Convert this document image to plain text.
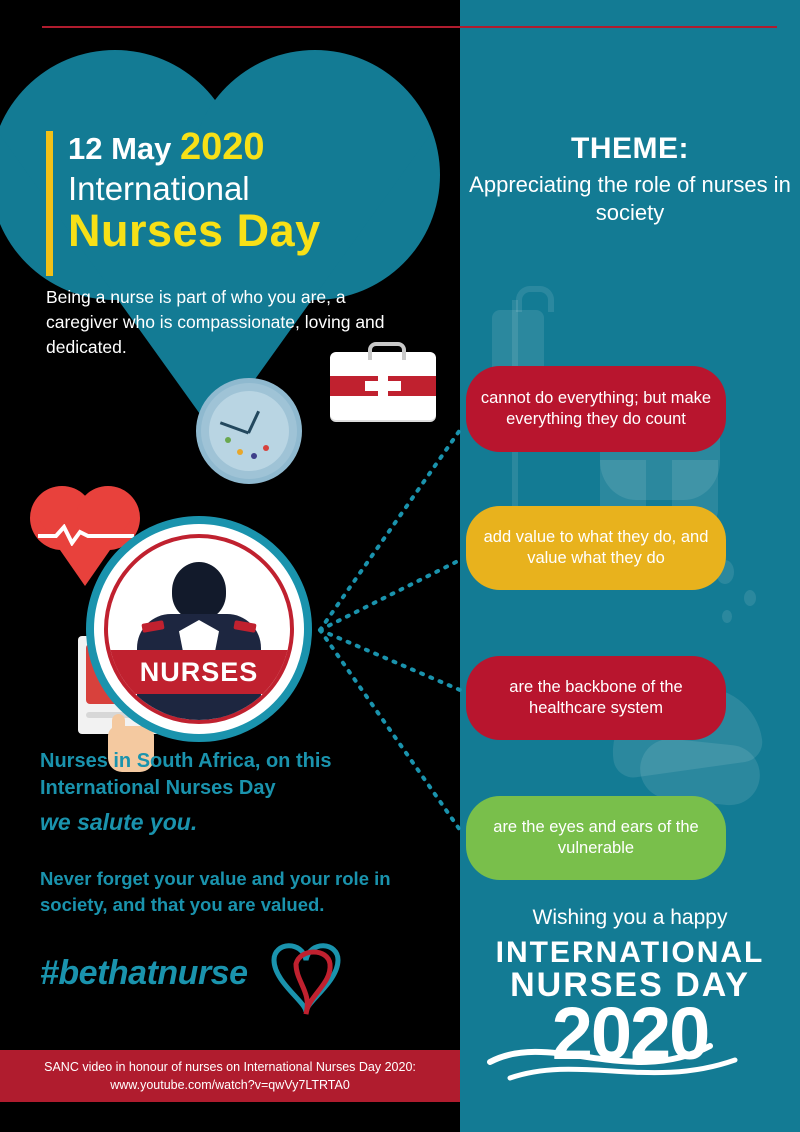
12 May 2020
International
Nurses Day
Being a nurse is part of who you are, a caregiver who is compassionate, loving and dedicated.
NURSES
Nurses in South Africa, on this
International Nurses Day
we salute you.
Never forget your value and your role in society, and that you are valued.
#bethatnurse
SANC video in honour of nurses on International Nurses Day 2020:
www.youtube.com/watch?v=qwVy7LTRTA0
THEME:
Appreciating the role of nurses in society
cannot do everything; but make everything they do count
add value to what they do, and value what they do
are the backbone of the healthcare system
are the eyes and ears of the vulnerable
Wishing you a happy
INTERNATIONAL
NURSES DAY
2020
